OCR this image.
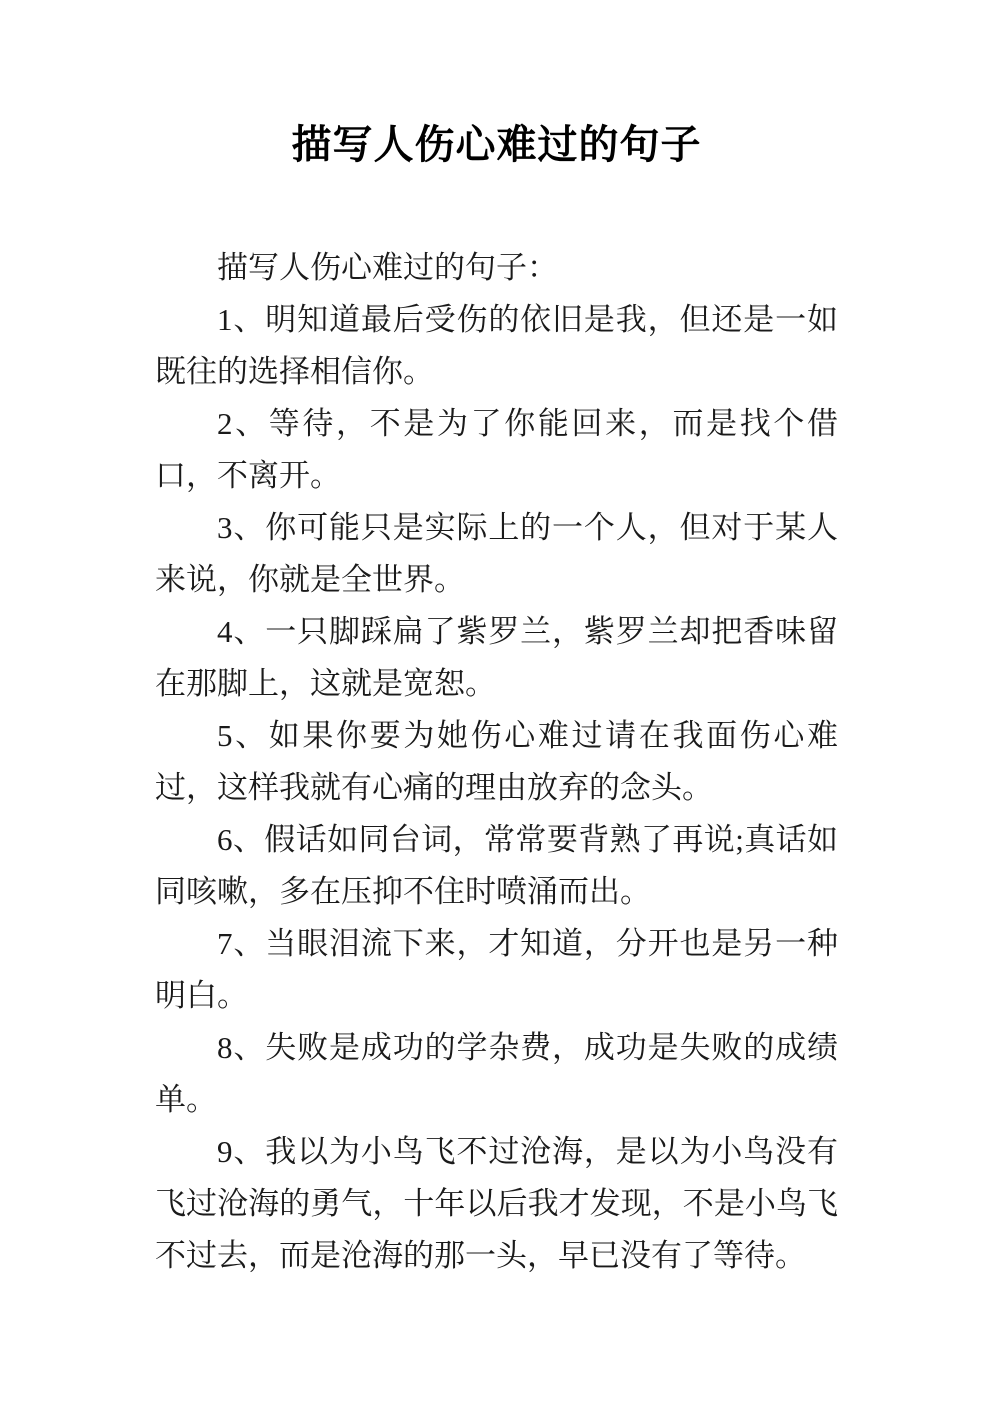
描写人伤心难过的句子

描写人伤心难过的句子：

1、明知道最后受伤的依旧是我，但还是一如既往的选择相信你。

2、等待，不是为了你能回来，而是找个借口，不离开。

3、你可能只是实际上的一个人，但对于某人来说，你就是全世界。

4、一只脚踩扁了紫罗兰，紫罗兰却把香味留在那脚上，这就是宽恕。

5、如果你要为她伤心难过请在我面伤心难过，这样我就有心痛的理由放弃的念头。

6、假话如同台词，常常要背熟了再说;真话如同咳嗽，多在压抑不住时喷涌而出。

7、当眼泪流下来，才知道，分开也是另一种明白。

8、失败是成功的学杂费，成功是失败的成绩单。

9、我以为小鸟飞不过沧海，是以为小鸟没有飞过沧海的勇气，十年以后我才发现，不是小鸟飞不过去，而是沧海的那一头，早已没有了等待。
